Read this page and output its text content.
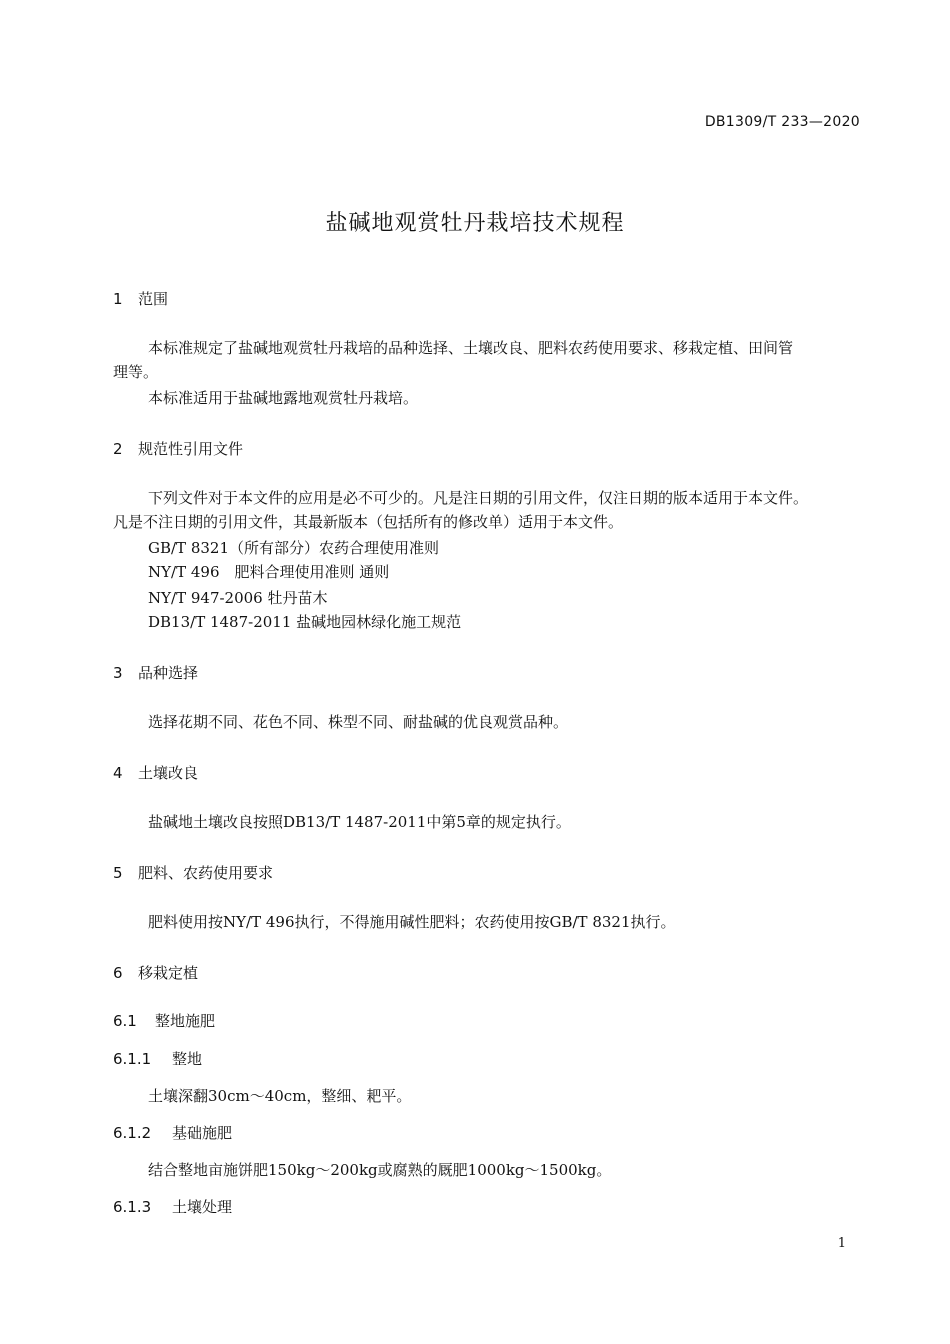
DB1309/T 233—2020
盐碱地观赏牡丹栽培技术规程
1 范围
本标准规定了盐碱地观赏牡丹栽培的品种选择、土壤改良、肥料农药使用要求、移栽定植、田间管
理等。
本标准适用于盐碱地露地观赏牡丹栽培。
2 规范性引用文件
下列文件对于本文件的应用是必不可少的。凡是注日期的引用文件，仅注日期的版本适用于本文件。
凡是不注日期的引用文件，其最新版本（包括所有的修改单）适用于本文件。
GB/T 8321（所有部分）农药合理使用准则
NY/T 496　肥料合理使用准则 通则
NY/T 947-2006 牡丹苗木
DB13/T 1487-2011 盐碱地园林绿化施工规范
3 品种选择
选择花期不同、花色不同、株型不同、耐盐碱的优良观赏品种。
4 土壤改良
盐碱地土壤改良按照DB13/T 1487-2011中第5章的规定执行。
5 肥料、农药使用要求
肥料使用按NY/T 496执行，不得施用碱性肥料；农药使用按GB/T 8321执行。
6 移栽定植
6.1 整地施肥
6.1.1 整地
土壤深翻30cm～40cm，整细、耙平。
6.1.2 基础施肥
结合整地亩施饼肥150kg～200kg或腐熟的厩肥1000kg～1500kg。
6.1.3 土壤处理
1
